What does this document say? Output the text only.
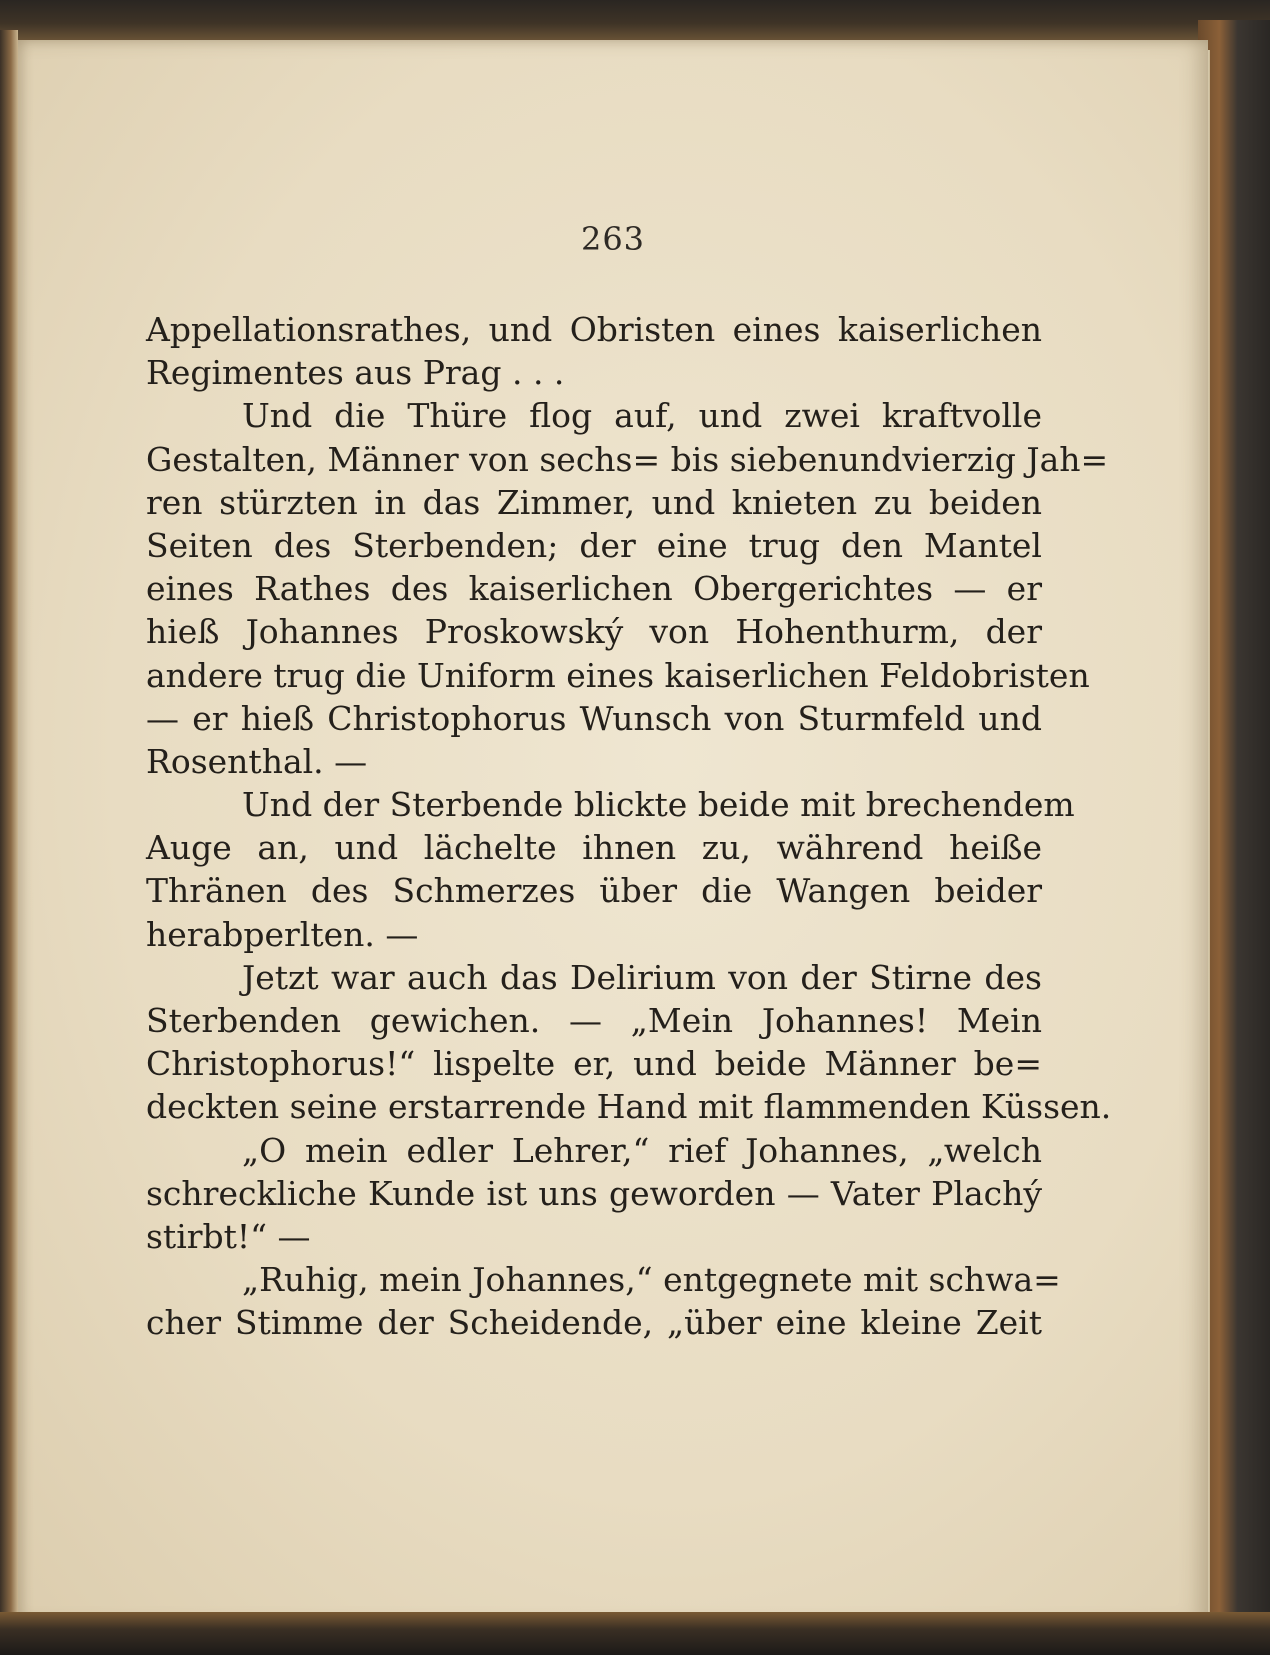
263
Appellationsrathes, und Obristen eines kaiserlichen
Regimentes aus Prag . . .
Und die Thüre flog auf, und zwei kraftvolle
Gestalten, Männer von sechs= bis siebenundvierzig Jah=
ren stürzten in das Zimmer, und knieten zu beiden
Seiten des Sterbenden; der eine trug den Mantel
eines Rathes des kaiserlichen Obergerichtes — er
hieß Johannes Proskowský von Hohenthurm, der
andere trug die Uniform eines kaiserlichen Feldobristen
— er hieß Christophorus Wunsch von Sturmfeld und
Rosenthal. —
Und der Sterbende blickte beide mit brechendem
Auge an, und lächelte ihnen zu, während heiße
Thränen des Schmerzes über die Wangen beider
herabperlten. —
Jetzt war auch das Delirium von der Stirne des
Sterbenden gewichen. — „Mein Johannes! Mein
Christophorus!“ lispelte er, und beide Männer be=
deckten seine erstarrende Hand mit flammenden Küssen.
„O mein edler Lehrer,“ rief Johannes, „welch
schreckliche Kunde ist uns geworden — Vater Plachý
stirbt!“ —
„Ruhig, mein Johannes,“ entgegnete mit schwa=
cher Stimme der Scheidende, „über eine kleine Zeit
